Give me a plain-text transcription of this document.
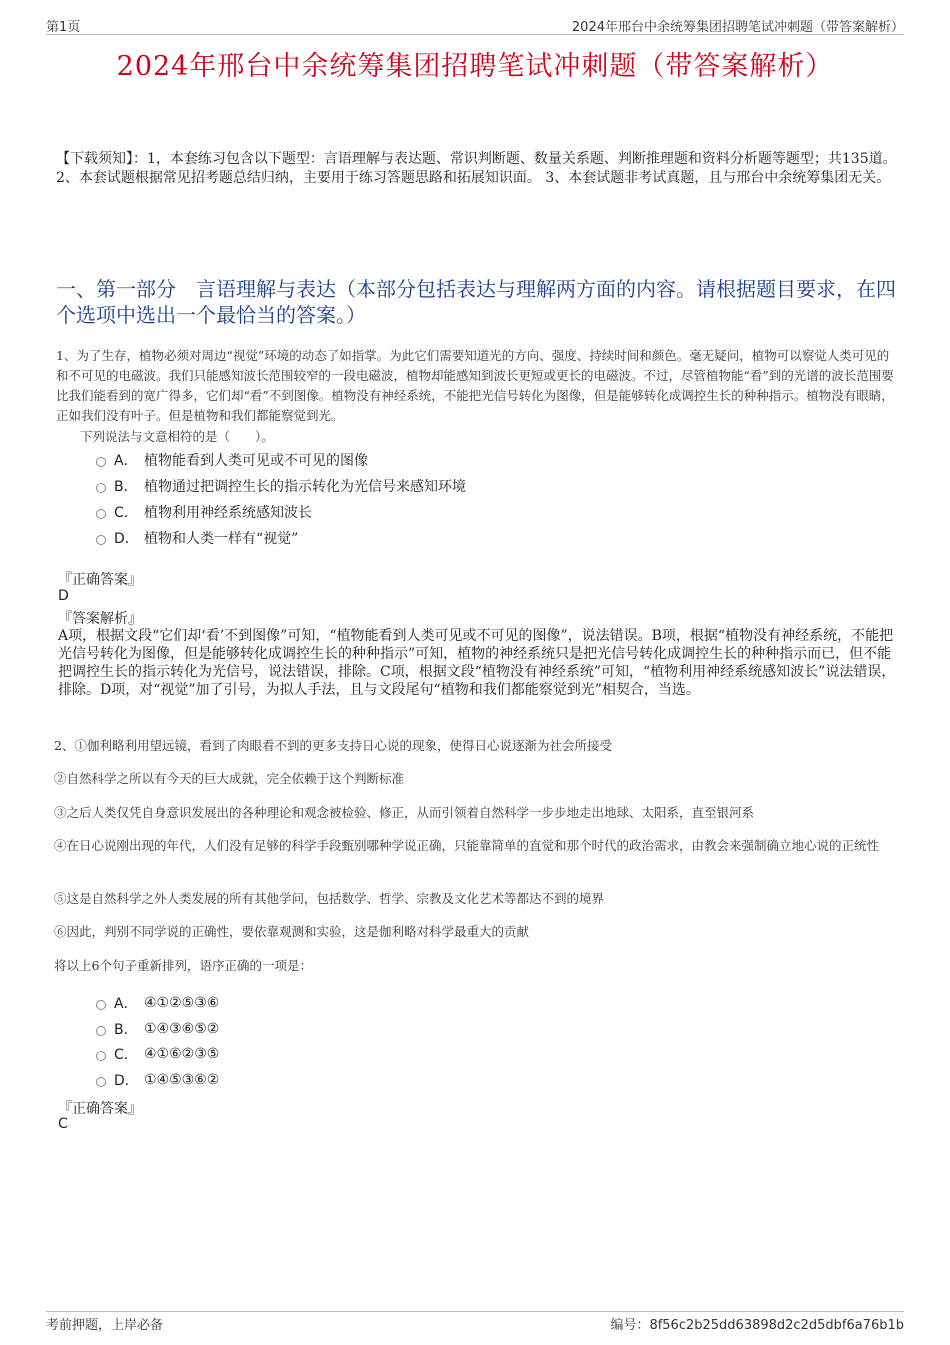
第1页	2024年邢台中余统筹集团招聘笔试冲刺题（带答案解析）
2024年邢台中余统筹集团招聘笔试冲刺题（带答案解析）
【下载须知】：1，本套练习包含以下题型：言语理解与表达题、常识判断题、数量关系题、判断推理题和资料分析题等题型；共135道。 2、本套试题根据常见招考题总结归纳，主要用于练习答题思路和拓展知识面。 3、本套试题非考试真题，且与邢台中余统筹集团无关。
一、第一部分　言语理解与表达（本部分包括表达与理解两方面的内容。请根据题目要求，在四个选项中选出一个最恰当的答案。）
1、为了生存，植物必须对周边“视觉”环境的动态了如指掌。为此它们需要知道光的方向、强度、持续时间和颜色。毫无疑问，植物可以察觉人类可见的和不可见的电磁波。我们只能感知波长范围较窄的一段电磁波，植物却能感知到波长更短或更长的电磁波。不过，尽管植物能“看”到的光谱的波长范围要比我们能看到的宽广得多，它们却“看”不到图像。植物没有神经系统，不能把光信号转化为图像，但是能够转化成调控生长的种种指示。植物没有眼睛，正如我们没有叶子。但是植物和我们都能察觉到光。
下列说法与文意相符的是（　　）。
A． 植物能看到人类可见或不可见的图像
B． 植物通过把调控生长的指示转化为光信号来感知环境
C． 植物利用神经系统感知波长
D． 植物和人类一样有“视觉”
『正确答案』
D
『答案解析』
A项，根据文段“它们却‘看’不到图像”可知，“植物能看到人类可见或不可见的图像”，说法错误。B项，根据“植物没有神经系统，不能把光信号转化为图像，但是能够转化成调控生长的种种指示”可知，植物的神经系统只是把光信号转化成调控生长的种种指示而已，但不能把调控生长的指示转化为光信号，说法错误，排除。C项，根据文段“植物没有神经系统”可知，“植物利用神经系统感知波长”说法错误，排除。D项，对“视觉”加了引号，为拟人手法，且与文段尾句“植物和我们都能察觉到光”相契合，当选。
2、①伽利略利用望远镜，看到了肉眼看不到的更多支持日心说的现象，使得日心说逐渐为社会所接受
②自然科学之所以有今天的巨大成就，完全依赖于这个判断标准
③之后人类仅凭自身意识发展出的各种理论和观念被检验、修正，从而引领着自然科学一步步地走出地球、太阳系，直至银河系
④在日心说刚出现的年代，人们没有足够的科学手段甄别哪种学说正确，只能靠简单的直觉和那个时代的政治需求，由教会来强制确立地心说的正统性
⑤这是自然科学之外人类发展的所有其他学问，包括数学、哲学、宗教及文化艺术等都达不到的境界
⑥因此，判别不同学说的正确性，要依靠观测和实验，这是伽利略对科学最重大的贡献
将以上6个句子重新排列，语序正确的一项是：
A． ④①②⑤③⑥
B． ①④③⑥⑤②
C． ④①⑥②③⑤
D． ①④⑤③⑥②
『正确答案』
C
考前押题，上岸必备	编号：8f56c2b25dd63898d2c2d5dbf6a76b1b
